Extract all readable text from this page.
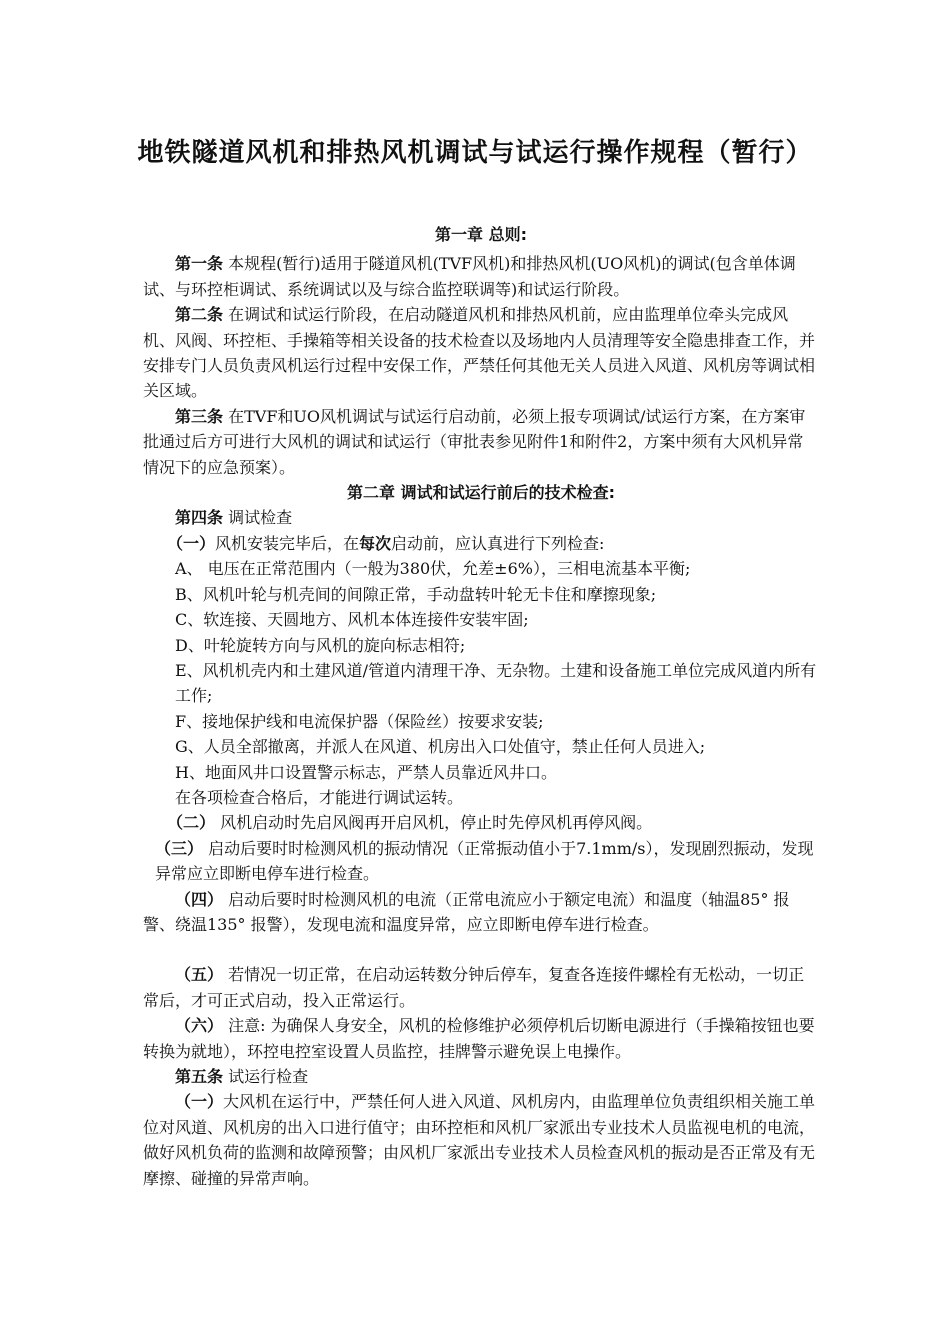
地铁隧道风机和排热风机调试与试运行操作规程（暂行）

第一章 总则:

第一条 本规程(暂行)适用于隧道风机(TVF风机)和排热风机(UO风机)的调试(包含单体调试、与环控柜调试、系统调试以及与综合监控联调等)和试运行阶段。

第二条 在调试和试运行阶段，在启动隧道风机和排热风机前，应由监理单位牵头完成风机、风阀、环控柜、手操箱等相关设备的技术检查以及场地内人员清理等安全隐患排查工作，并安排专门人员负责风机运行过程中安保工作，严禁任何其他无关人员进入风道、风机房等调试相关区域。

第三条 在TVF和UO风机调试与试运行启动前，必须上报专项调试/试运行方案，在方案审批通过后方可进行大风机的调试和试运行（审批表参见附件1和附件2，方案中须有大风机异常情况下的应急预案）。

第二章 调试和试运行前后的技术检查:

第四条 调试检查

（一）风机安装完毕后，在每次启动前，应认真进行下列检查:

A、 电压在正常范围内（一般为380伏，允差±6%），三相电流基本平衡;

B、风机叶轮与机壳间的间隙正常，手动盘转叶轮无卡住和摩擦现象;

C、软连接、天圆地方、风机本体连接件安装牢固;

D、叶轮旋转方向与风机的旋向标志相符;

E、风机机壳内和土建风道/管道内清理干净、无杂物。土建和设备施工单位完成风道内所有工作;

F、接地保护线和电流保护器（保险丝）按要求安装;

G、人员全部撤离，并派人在风道、机房出入口处值守，禁止任何人员进入;

H、地面风井口设置警示标志，严禁人员靠近风井口。

在各项检查合格后，才能进行调试运转。

（二） 风机启动时先启风阀再开启风机，停止时先停风机再停风阀。

（三） 启动后要时时检测风机的振动情况（正常振动值小于7.1mm/s），发现剧烈振动，发现异常应立即断电停车进行检查。

（四） 启动后要时时检测风机的电流（正常电流应小于额定电流）和温度（轴温85° 报警、绕温135° 报警），发现电流和温度异常，应立即断电停车进行检查。

（五） 若情况一切正常，在启动运转数分钟后停车，复查各连接件螺栓有无松动，一切正常后，才可正式启动，投入正常运行。

（六） 注意: 为确保人身安全，风机的检修维护必须停机后切断电源进行（手操箱按钮也要转换为就地），环控电控室设置人员监控，挂牌警示避免误上电操作。

第五条 试运行检查

（一）大风机在运行中，严禁任何人进入风道、风机房内，由监理单位负责组织相关施工单位对风道、风机房的出入口进行值守；由环控柜和风机厂家派出专业技术人员监视电机的电流，做好风机负荷的监测和故障预警；由风机厂家派出专业技术人员检查风机的振动是否正常及有无摩擦、碰撞的异常声响。
